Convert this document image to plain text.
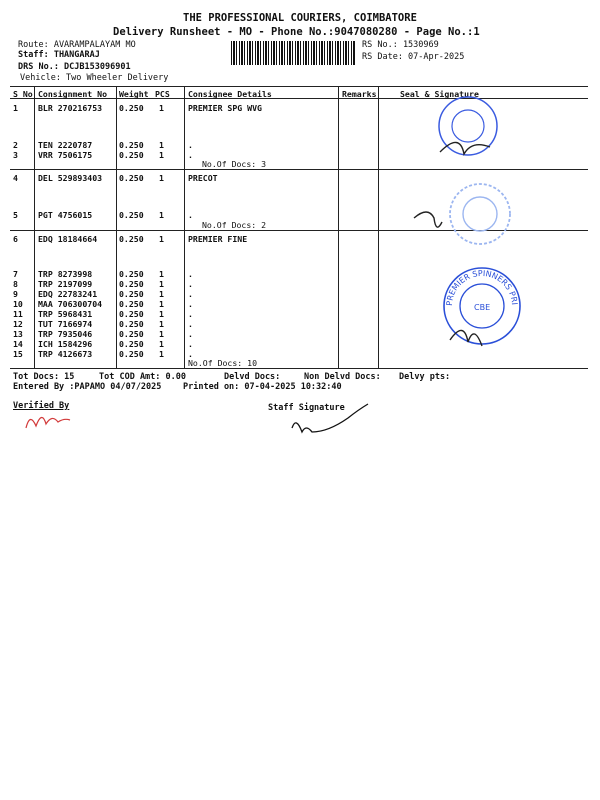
THE PROFESSIONAL COURIERS, COIMBATORE
Delivery Runsheet - MO - Phone No.:9047080280 - Page No.:1
Route: AVARAMPALAYAM MO
Staff: THANGARAJ
DRS No.: DCJB153096901
Vehicle: Two Wheeler Delivery
RS No.: 1530969
RS Date: 07-Apr-2025
S No Consignment No Weight PCS Consignee Details	Remarks	Seal & Signature
1 BLR 270216753 0.250 1	PREMIER SPG WVG
2 TEN 2220787	0.250 1	.
3 VRR 7506175	0.250 1	.
No.Of Docs: 3
4 DEL 529893403 0.250 1	PRECOT
5 PGT 4756015	0.250 1	.
No.Of Docs: 2
6 EDQ 18184664	0.250 1	PREMIER FINE
7 TRP 8273998	0.250 1	.
8 TRP 2197099	0.250 1	.
9 EDQ 22783241	0.250 1	.
10 MAA 706300704 0.250 1	.
11 TRP 5968431	0.250 1	.
12 TUT 7166974	0.250 1	.
13 TRP 7935046	0.250 1	.
14 ICH 1584296	0.250 1	.
15 TRP 4126673	0.250 1	.
No.Of Docs: 10
PREMIER SPINNERS PRIVATE LIMITED
CBE
Tot Docs: 15	Tot COD Amt: 0.00	Delvd Docs:	Non Delvd Docs: Delvy pts:
Entered By :PAPAMO 04/07/2025	Printed on: 07-04-2025 10:32:40
Verified By	Staff Signature
